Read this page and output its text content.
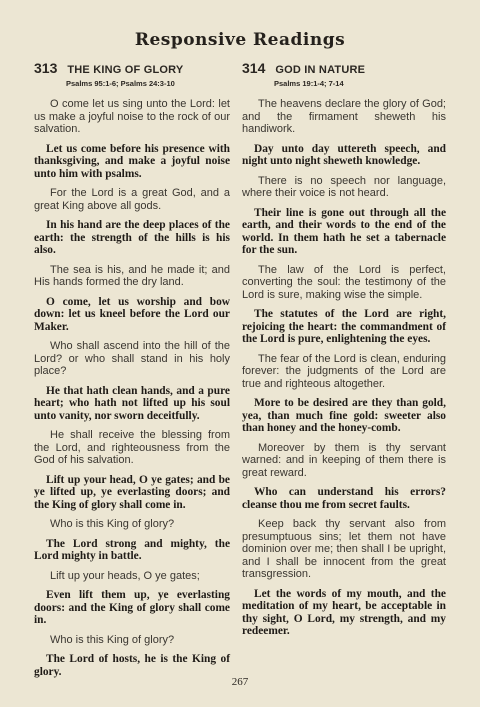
Responsive Readings
313 THE KING OF GLORY
Psalms 95:1-6; Psalms 24:3-10

O come let us sing unto the Lord: let us make a joyful noise to the rock of our salvation.

Let us come before his presence with thanksgiving, and make a joyful noise unto him with psalms.

For the Lord is a great God, and a great King above all gods.

In his hand are the deep places of the earth: the strength of the hills is his also.

The sea is his, and he made it; and His hands formed the dry land.

O come, let us worship and bow down: let us kneel before the Lord our Maker.

Who shall ascend into the hill of the Lord? or who shall stand in his holy place?

He that hath clean hands, and a pure heart; who hath not lifted up his soul unto vanity, nor sworn deceitfully.

He shall receive the blessing from the Lord, and righteousness from the God of his salvation.

Lift up your head, O ye gates; and be ye lifted up, ye everlasting doors; and the King of glory shall come in.

Who is this King of glory?

The Lord strong and mighty, the Lord mighty in battle.

Lift up your heads, O ye gates;

Even lift them up, ye everlasting doors: and the King of glory shall come in.

Who is this King of glory?

The Lord of hosts, he is the King of glory.

314 GOD IN NATURE
Psalms 19:1-4; 7-14

The heavens declare the glory of God; and the firmament sheweth his handiwork.

Day unto day uttereth speech, and night unto night sheweth knowledge.

There is no speech nor language, where their voice is not heard.

Their line is gone out through all the earth, and their words to the end of the world. In them hath he set a tabernacle for the sun.

The law of the Lord is perfect, converting the soul: the testimony of the Lord is sure, making wise the simple.

The statutes of the Lord are right, rejoicing the heart: the commandment of the Lord is pure, enlightening the eyes.

The fear of the Lord is clean, enduring forever: the judgments of the Lord are true and righteous altogether.

More to be desired are they than gold, yea, than much fine gold: sweeter also than honey and the honey-comb.

Moreover by them is thy servant warned: and in keeping of them there is great reward.

Who can understand his errors? cleanse thou me from secret faults.

Keep back thy servant also from presumptuous sins; let them not have dominion over me; then shall I be upright, and I shall be innocent from the great transgression.

Let the words of my mouth, and the meditation of my heart, be acceptable in thy sight, O Lord, my strength, and my redeemer.

267
